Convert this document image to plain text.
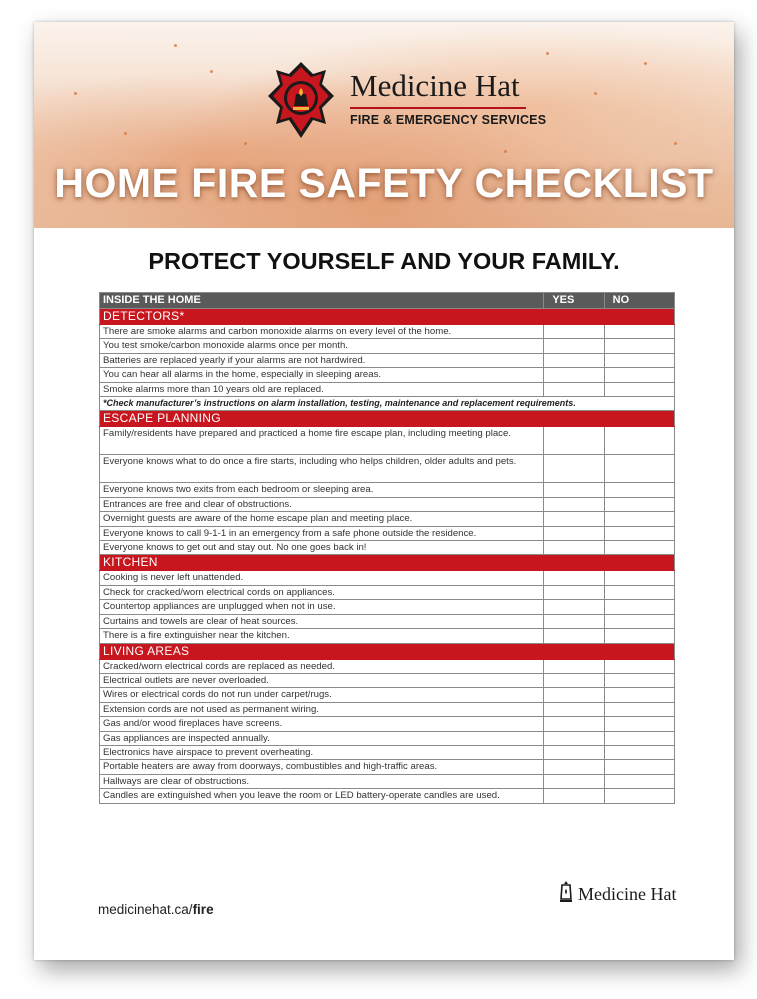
Medicine Hat
FIRE & EMERGENCY SERVICES
HOME FIRE SAFETY CHECKLIST
PROTECT YOURSELF AND YOUR FAMILY.
INSIDE THE HOME	YES	NO
DETECTORS*		
There are smoke alarms and carbon monoxide alarms on every level of the home.		
You test smoke/carbon monoxide alarms once per month.		
Batteries are replaced yearly if your alarms are not hardwired.		
You can hear all alarms in the home, especially in sleeping areas.		
Smoke alarms more than 10 years old are replaced.		
*Check manufacturer’s instructions on alarm installation, testing, maintenance and replacement requirements.		
ESCAPE PLANNING		
Family/residents have prepared and practiced a home fire escape plan, including meeting place.		
Everyone knows what to do once a fire starts, including who helps children, older adults and pets.		
Everyone knows two exits from each bedroom or sleeping area.		
Entrances are free and clear of obstructions.		
Overnight guests are aware of the home escape plan and meeting place.		
Everyone knows to call 9-1-1 in an emergency from a safe phone outside the residence.		
Everyone knows to get out and stay out. No one goes back in!		
KITCHEN		
Cooking is never left unattended.		
Check for cracked/worn electrical cords on appliances.		
Countertop appliances are unplugged when not in use.		
Curtains and towels are clear of heat sources.		
There is a fire extinguisher near the kitchen.		
LIVING AREAS		
Cracked/worn electrical cords are replaced as needed.		
Electrical outlets are never overloaded.		
Wires or electrical cords do not run under carpet/rugs.		
Extension cords are not used as permanent wiring.		
Gas and/or wood fireplaces have screens.		
Gas appliances are inspected annually.		
Electronics have airspace to prevent overheating.		
Portable heaters are away from doorways, combustibles and high-traffic areas.		
Hallways are clear of obstructions.		
Candles are extinguished when you leave the room or LED battery-operate candles are used.		
medicinehat.ca/fire
Medicine Hat
